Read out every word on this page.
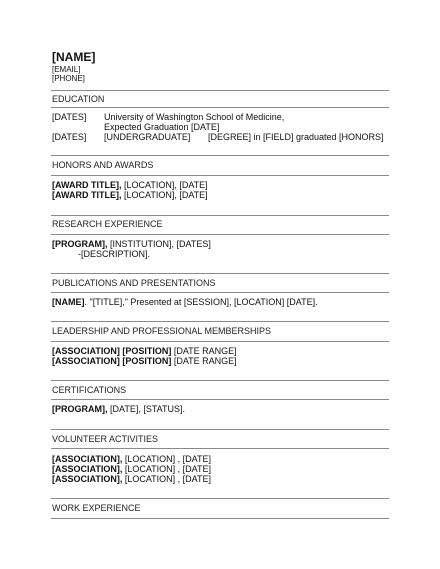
[NAME]
[EMAIL]
[PHONE]
EDUCATION
[DATES] University of Washington School of Medicine,
Expected Graduation [DATE]
[DATES] [UNDERGRADUATE] [DEGREE] in [FIELD] graduated [HONORS]
HONORS AND AWARDS
[AWARD TITLE], [LOCATION], [DATE]
[AWARD TITLE], [LOCATION], [DATE]
RESEARCH EXPERIENCE
[PROGRAM], [INSTITUTION], [DATES]
-[DESCRIPTION].
PUBLICATIONS AND PRESENTATIONS
[NAME]. "[TITLE]," Presented at [SESSION], [LOCATION] [DATE].
LEADERSHIP AND PROFESSIONAL MEMBERSHIPS
[ASSOCIATION] [POSITION] [DATE RANGE]
[ASSOCIATION] [POSITION] [DATE RANGE]
CERTIFICATIONS
[PROGRAM], [DATE], [STATUS].
VOLUNTEER ACTIVITIES
[ASSOCIATION], [LOCATION] , [DATE]
[ASSOCIATION], [LOCATION] , [DATE]
[ASSOCIATION], [LOCATION] , [DATE]
WORK EXPERIENCE
